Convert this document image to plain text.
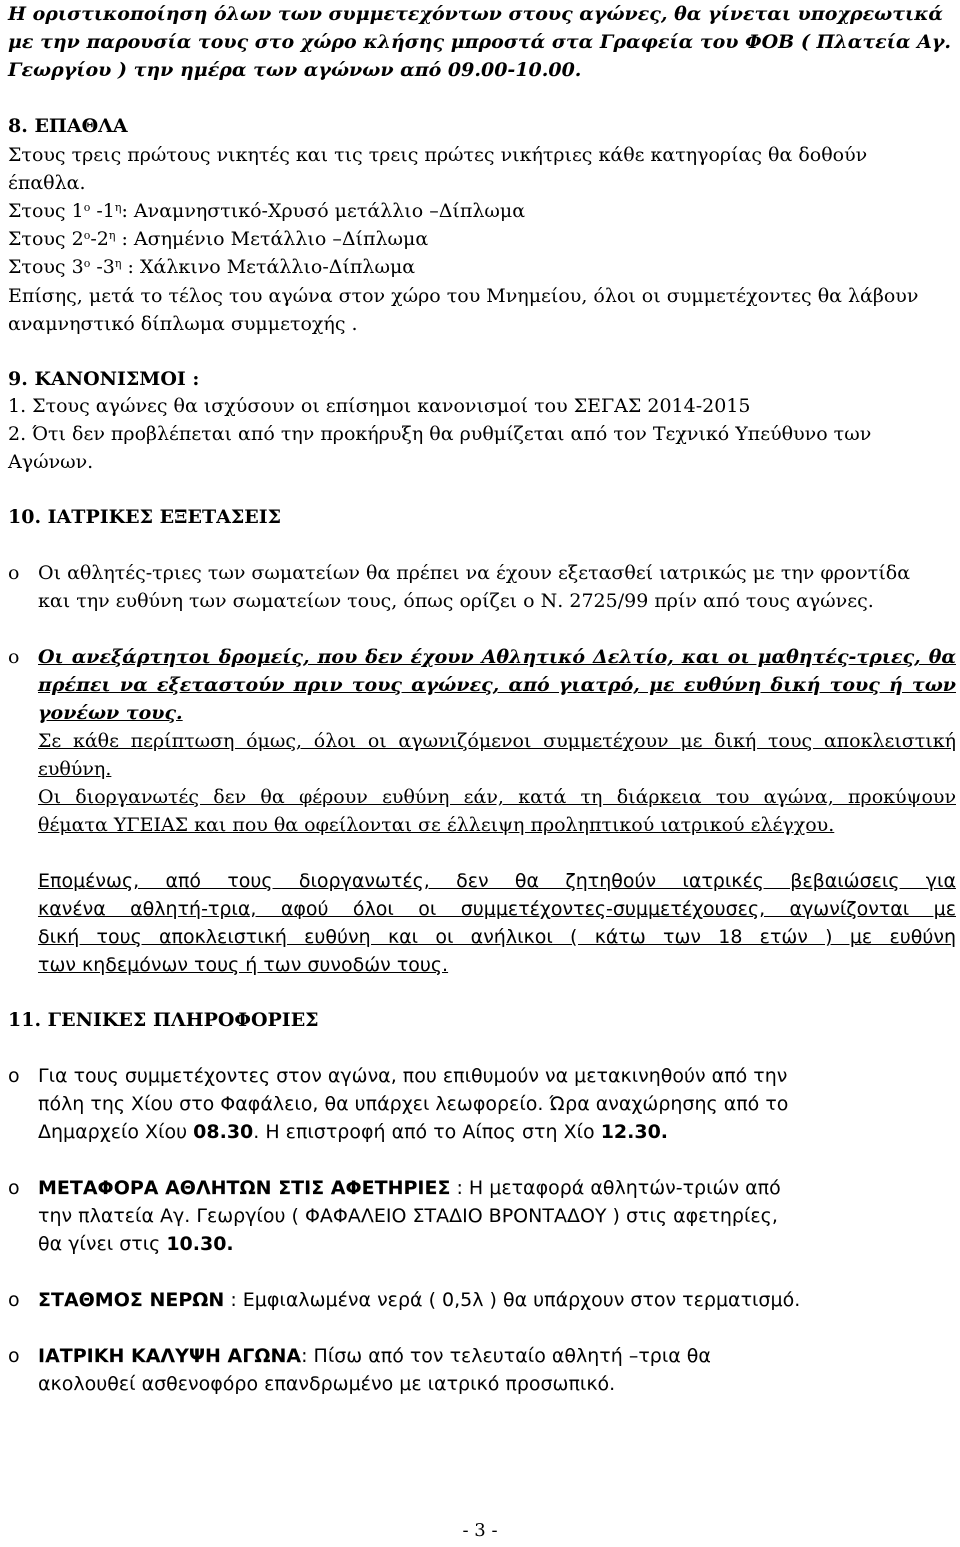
Η οριστικοποίηση όλων των συμμετεχόντων στους αγώνες, θα γίνεται υποχρεωτικά
με την παρουσία τους στο χώρο κλήσης μπροστά στα Γραφεία του ΦΟΒ ( Πλατεία Αγ.
Γεωργίου ) την ημέρα των αγώνων από 09.00-10.00.
8. ΕΠΑΘΛΑ
Στους τρεις πρώτους νικητές και τις τρεις πρώτες νικήτριες κάθε κατηγορίας θα δοθούν
έπαθλα.
Στους $1^o$ $-1^\eta$: Αναμνηστικό-Χρυσό μετάλλιο –Δίπλωμα
Στους $2^o-2^\eta$ : Ασημένιο Μετάλλιο –Δίπλωμα
Στους $3^o$ $-3^\eta$ : Χάλκινο Μετάλλιο-Δίπλωμα
Επίσης, μετά το τέλος του αγώνα στον χώρο του Μνημείου, όλοι οι συμμετέχοντες θα λάβουν
αναμνηστικό δίπλωμα συμμετοχής .
9. ΚΑΝΟΝΙΣΜΟΙ :
1. Στους αγώνες θα ισχύσουν οι επίσημοι κανονισμοί του ΣΕΓΑΣ 2014-2015
2. Ότι δεν προβλέπεται από την προκήρυξη θα ρυθμίζεται από τον Τεχνικό Υπεύθυνο των
Αγώνων.
10. ΙΑΤΡΙΚΕΣ ΕΞΕΤΑΣΕΙΣ
o Οι αθλητές-τριες των σωματείων θα πρέπει να έχουν εξετασθεί ιατρικώς με την φροντίδα
και την ευθύνη των σωματείων τους, όπως ορίζει ο Ν. 2725/99 πρίν από τους αγώνες.
o Οι ανεξάρτητοι δρομείς, που δεν έχουν Αθλητικό Δελτίο, και οι μαθητές-τριες, θα
πρέπει να εξεταστούν πριν τους αγώνες, από γιατρό, με ευθύνη δική τους ή των
γονέων τους.
Σε κάθε περίπτωση όμως, όλοι οι αγωνιζόμενοι συμμετέχουν με δική τους αποκλειστική
ευθύνη.
Οι διοργανωτές δεν θα φέρουν ευθύνη εάν, κατά τη διάρκεια του αγώνα, προκύψουν
θέματα ΥΓΕΙΑΣ και που θα οφείλονται σε έλλειψη προληπτικού ιατρικού ελέγχου.
Επομένως, από τους διοργανωτές, δεν θα ζητηθούν ιατρικές βεβαιώσεις για
κανένα αθλητή-τρια, αφού όλοι οι συμμετέχοντες-συμμετέχουσες, αγωνίζονται με
δική τους αποκλειστική ευθύνη και οι ανήλικοι ( κάτω των 18 ετών ) με ευθύνη
των κηδεμόνων τους ή των συνοδών τους.
11. ΓΕΝΙΚΕΣ ΠΛΗΡΟΦΟΡΙΕΣ
o Για τους συμμετέχοντες στον αγώνα, που επιθυμούν να μετακινηθούν από την
πόλη της Χίου στο Φαφάλειο, θα υπάρχει λεωφορείο. Ώρα αναχώρησης από το
Δημαρχείο Χίου 08.30. Η επιστροφή από το Αίπος στη Χίο 12.30.
o ΜΕΤΑΦΟΡΑ ΑΘΛΗΤΩΝ ΣΤΙΣ ΑΦΕΤΗΡΙΕΣ : Η μεταφορά αθλητών-τριών από
την πλατεία Αγ. Γεωργίου ( ΦΑΦΑΛΕΙΟ ΣΤΑΔΙΟ ΒΡΟΝΤΑΔΟΥ ) στις αφετηρίες,
θα γίνει στις 10.30.
o ΣΤΑΘΜΟΣ ΝΕΡΩΝ : Εμφιαλωμένα νερά ( 0,5λ ) θα υπάρχουν στον τερματισμό.
o ΙΑΤΡΙΚΗ ΚΑΛΥΨΗ ΑΓΩΝΑ: Πίσω από τον τελευταίο αθλητή –τρια θα
ακολουθεί ασθενοφόρο επανδρωμένο με ιατρικό προσωπικό.
- 3 -
